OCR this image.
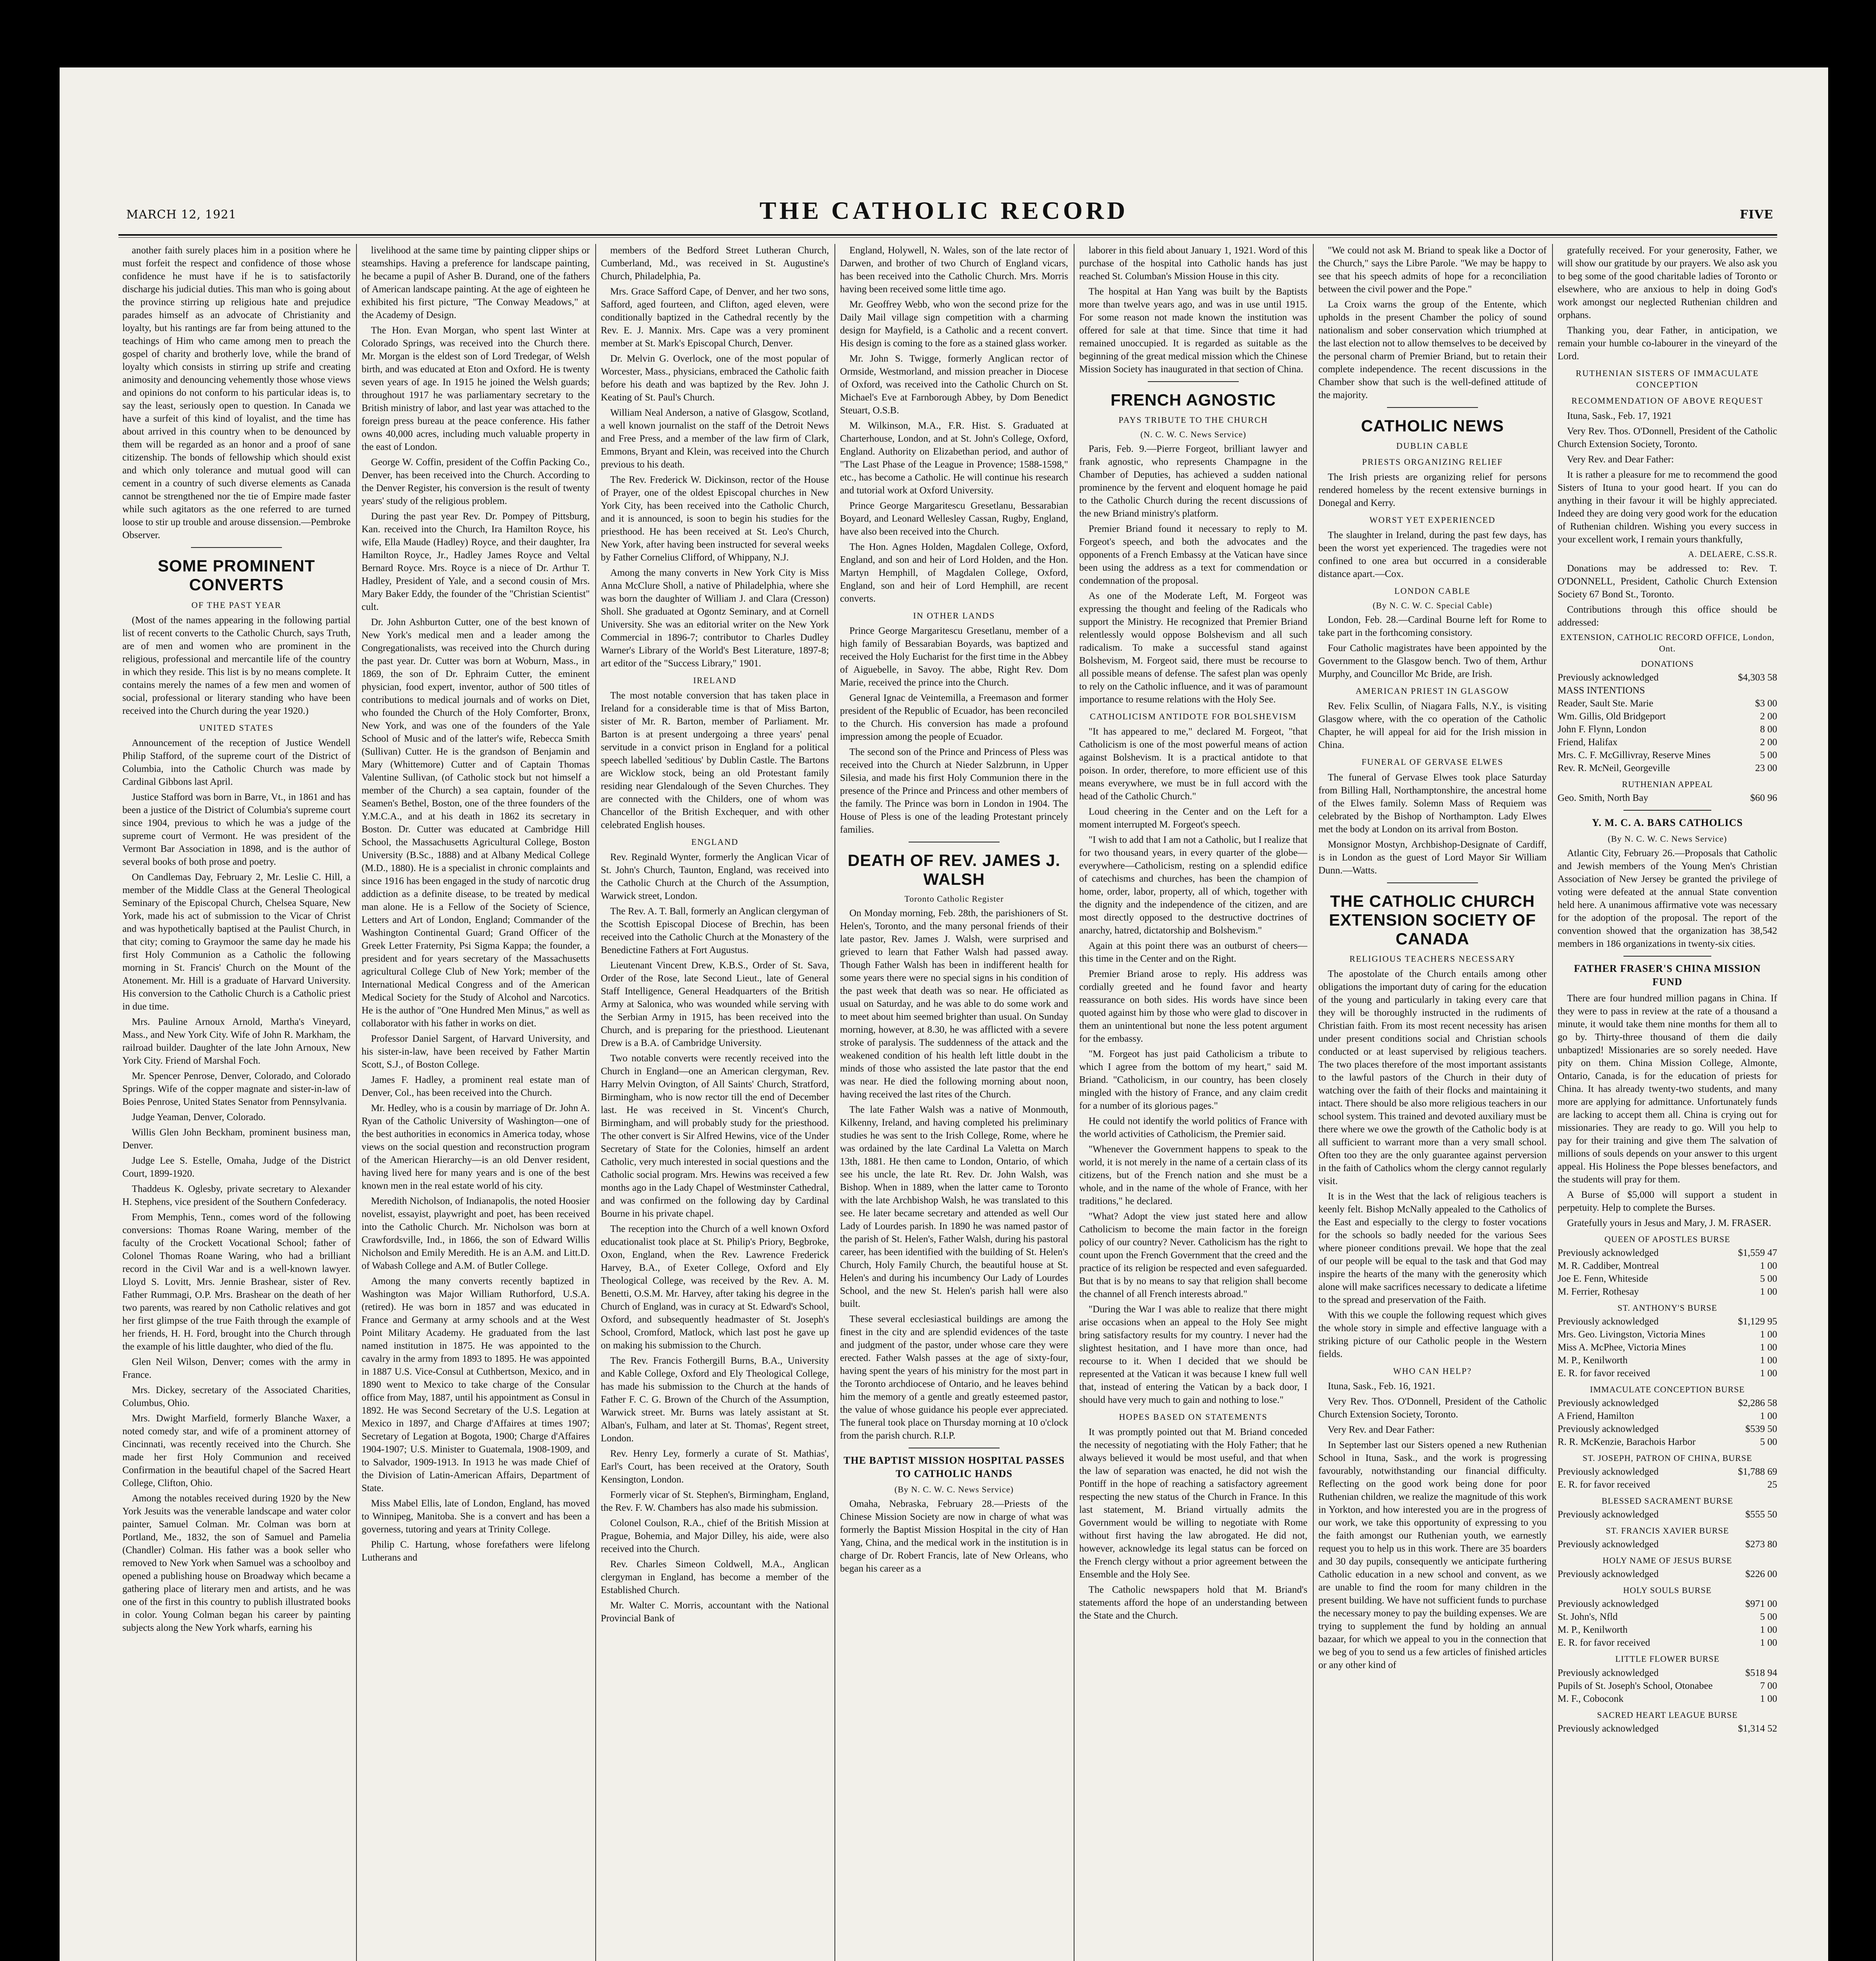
MARCH 12, 1921	THE CATHOLIC RECORD	FIVE

another faith surely places him in a position where he must forfeit the respect and confidence of those whose confidence he must have if he is to satisfactorily discharge his judicial duties. This man who is going about the province stirring up religious hate and prejudice parades himself as an advocate of Christianity and loyalty, but his rantings are far from being attuned to the teachings of Him who came among men to preach the gospel of charity and brotherly love, while the brand of loyalty which consists in stirring up strife and creating animosity and denouncing vehemently those whose views and opinions do not conform to his particular ideas is, to say the least, seriously open to question. In Canada we have a surfeit of this kind of loyalist, and the time has about arrived in this country when to be denounced by them will be regarded as an honor and a proof of sane citizenship. The bonds of fellowship which should exist and which only tolerance and mutual good will can cement in a country of such diverse elements as Canada cannot be strengthened nor the tie of Empire made faster while such agitators as the one referred to are turned loose to stir up trouble and arouse dissension.—Pembroke Observer.

SOME PROMINENT CONVERTS
OF THE PAST YEAR

(Most of the names appearing in the following partial list of recent converts to the Catholic Church, says Truth, are of men and women who are prominent in the religious, professional and mercantile life of the country in which they reside. This list is by no means complete. It contains merely the names of a few men and women of social, professional or literary standing who have been received into the Church during the year 1920.)

UNITED STATES

Announcement of the reception of Justice Wendell Philip Stafford, of the supreme court of the District of Columbia, into the Catholic Church was made by Cardinal Gibbons last April.

Justice Stafford was born in Barre, Vt., in 1861 and has been a justice of the District of Columbia's supreme court since 1904, previous to which he was a judge of the supreme court of Vermont. He was president of the Vermont Bar Association in 1898, and is the author of several books of both prose and poetry.

On Candlemas Day, February 2, Mr. Leslie C. Hill, a member of the Middle Class at the General Theological Seminary of the Episcopal Church, Chelsea Square, New York, made his act of submission to the Vicar of Christ and was hypothetically baptised at the Paulist Church, in that city; coming to Graymoor the same day he made his first Holy Communion as a Catholic the following morning in St. Francis' Church on the Mount of the Atonement. Mr. Hill is a graduate of Harvard University. His conversion to the Catholic Church is a Catholic priest in due time.

Mrs. Pauline Arnoux Arnold, Martha's Vineyard, Mass., and New York City. Wife of John R. Markham, the railroad builder. Daughter of the late John Arnoux, New York City. Friend of Marshal Foch.

Mr. Spencer Penrose, Denver, Colorado, and Colorado Springs. Wife of the copper magnate and sister-in-law of Boies Penrose, United States Senator from Pennsylvania.

Judge Yeaman, Denver, Colorado.

Willis Glen John Beckham, prominent business man, Denver.

Judge Lee S. Estelle, Omaha, Judge of the District Court, 1899-1920.

Thaddeus K. Oglesby, private secretary to Alexander H. Stephens, vice president of the Southern Confederacy.

From Memphis, Tenn., comes word of the following conversions: Thomas Roane Waring, member of the faculty of the Crockett Vocational School; father of Colonel Thomas Roane Waring, who had a brilliant record in the Civil War and is a well-known lawyer. Lloyd S. Lovitt, Mrs. Jennie Brashear, sister of Rev. Father Rummagi, O.P. Mrs. Brashear on the death of her two parents, was reared by non Catholic relatives and got her first glimpse of the true Faith through the example of her friends, H. H. Ford, brought into the Church through the example of his little daughter, who died of the flu.

Glen Neil Wilson, Denver; comes with the army in France.

Mrs. Dickey, secretary of the Associated Charities, Columbus, Ohio.

Mrs. Dwight Marfield, formerly Blanche Waxer, a noted comedy star, and wife of a prominent attorney of Cincinnati, was recently received into the Church. She made her first Holy Communion and received Confirmation in the beautiful chapel of the Sacred Heart College, Clifton, Ohio.

Among the notables received during 1920 by the New York Jesuits was the venerable landscape and water color painter, Samuel Colman. Mr. Colman was born at Portland, Me., 1832, the son of Samuel and Pamelia (Chandler) Colman. His father was a book seller who removed to New York when Samuel was a schoolboy and opened a publishing house on Broadway which became a gathering place of literary men and artists, and he was one of the first in this country to publish illustrated books in color. Young Colman began his career by painting subjects along the New York wharfs, earning his

livelihood at the same time by painting clipper ships or steamships. Having a preference for landscape painting, he became a pupil of Asher B. Durand, one of the fathers of American landscape painting. At the age of eighteen he exhibited his first picture, "The Conway Meadows," at the Academy of Design.

The Hon. Evan Morgan, who spent last Winter at Colorado Springs, was received into the Church there. Mr. Morgan is the eldest son of Lord Tredegar, of Welsh birth, and was educated at Eton and Oxford. He is twenty seven years of age. In 1915 he joined the Welsh guards; throughout 1917 he was parliamentary secretary to the British ministry of labor, and last year was attached to the foreign press bureau at the peace conference. His father owns 40,000 acres, including much valuable property in the east of London.

George W. Coffin, president of the Coffin Packing Co., Denver, has been received into the Church. According to the Denver Register, his conversion is the result of twenty years' study of the religious problem.

During the past year Rev. Dr. Pompey of Pittsburg, Kan. received into the Church, Ira Hamilton Royce, his wife, Ella Maude (Hadley) Royce, and their daughter, Ira Hamilton Royce, Jr., Hadley James Royce and Veltal Bernard Royce. Mrs. Royce is a niece of Dr. Arthur T. Hadley, President of Yale, and a second cousin of Mrs. Mary Baker Eddy, the founder of the "Christian Scientist" cult.

Dr. John Ashburton Cutter, one of the best known of New York's medical men and a leader among the Congregationalists, was received into the Church during the past year. Dr. Cutter was born at Woburn, Mass., in 1869, the son of Dr. Ephraim Cutter, the eminent physician, food expert, inventor, author of 500 titles of contributions to medical journals and of works on Diet, who founded the Church of the Holy Comforter, Bronx, New York, and was one of the founders of the Yale School of Music and of the latter's wife, Rebecca Smith (Sullivan) Cutter. He is the grandson of Benjamin and Mary (Whittemore) Cutter and of Captain Thomas Valentine Sullivan, (of Catholic stock but not himself a member of the Church) a sea captain, founder of the Seamen's Bethel, Boston, one of the three founders of the Y.M.C.A., and at his death in 1862 its secretary in Boston. Dr. Cutter was educated at Cambridge Hill School, the Massachusetts Agricultural College, Boston University (B.Sc., 1888) and at Albany Medical College (M.D., 1880). He is a specialist in chronic complaints and since 1916 has been engaged in the study of narcotic drug addiction as a definite disease, to be treated by medical man alone. He is a Fellow of the Society of Science, Letters and Art of London, England; Commander of the Washington Continental Guard; Grand Officer of the Greek Letter Fraternity, Psi Sigma Kappa; the founder, a president and for years secretary of the Massachusetts agricultural College Club of New York; member of the International Medical Congress and of the American Medical Society for the Study of Alcohol and Narcotics. He is the author of "One Hundred Men Minus," as well as collaborator with his father in works on diet.

Professor Daniel Sargent, of Harvard University, and his sister-in-law, have been received by Father Martin Scott, S.J., of Boston College.

James F. Hadley, a prominent real estate man of Denver, Col., has been received into the Church.

Mr. Hedley, who is a cousin by marriage of Dr. John A. Ryan of the Catholic University of Washington—one of the best authorities in economics in America today, whose views on the social question and reconstruction program of the American Hierarchy—is an old Denver resident, having lived here for many years and is one of the best known men in the real estate world of his city.

Meredith Nicholson, of Indianapolis, the noted Hoosier novelist, essayist, playwright and poet, has been received into the Catholic Church. Mr. Nicholson was born at Crawfordsville, Ind., in 1866, the son of Edward Willis Nicholson and Emily Meredith. He is an A.M. and Litt.D. of Wabash College and A.M. of Butler College.

Among the many converts recently baptized in Washington was Major William Ruthorford, U.S.A. (retired). He was born in 1857 and was educated in France and Germany at army schools and at the West Point Military Academy. He graduated from the last named institution in 1875. He was appointed to the cavalry in the army from 1893 to 1895. He was appointed in 1887 U.S. Vice-Consul at Cuthbertson, Mexico, and in 1890 went to Mexico to take charge of the Consular office from May, 1887, until his appointment as Consul in 1892. He was Second Secretary of the U.S. Legation at Mexico in 1897, and Charge d'Affaires at times 1907; Secretary of Legation at Bogota, 1900; Charge d'Affaires 1904-1907; U.S. Minister to Guatemala, 1908-1909, and to Salvador, 1909-1913. In 1913 he was made Chief of the Division of Latin-American Affairs, Department of State.

Miss Mabel Ellis, late of London, England, has moved to Winnipeg, Manitoba. She is a convert and has been a governess, tutoring and years at Trinity College.

Philip C. Hartung, whose forefathers were lifelong Lutherans and

members of the Bedford Street Lutheran Church, Cumberland, Md., was received in St. Augustine's Church, Philadelphia, Pa.

Mrs. Grace Safford Cape, of Denver, and her two sons, Safford, aged fourteen, and Clifton, aged eleven, were conditionally baptized in the Cathedral recently by the Rev. E. J. Mannix. Mrs. Cape was a very prominent member at St. Mark's Episcopal Church, Denver.

Dr. Melvin G. Overlock, one of the most popular of Worcester, Mass., physicians, embraced the Catholic faith before his death and was baptized by the Rev. John J. Keating of St. Paul's Church.

William Neal Anderson, a native of Glasgow, Scotland, a well known journalist on the staff of the Detroit News and Free Press, and a member of the law firm of Clark, Emmons, Bryant and Klein, was received into the Church previous to his death.

The Rev. Frederick W. Dickinson, rector of the House of Prayer, one of the oldest Episcopal churches in New York City, has been received into the Catholic Church, and it is announced, is soon to begin his studies for the priesthood. He has been received at St. Leo's Church, New York, after having been instructed for several weeks by Father Cornelius Clifford, of Whippany, N.J.

Among the many converts in New York City is Miss Anna McClure Sholl, a native of Philadelphia, where she was born the daughter of William J. and Clara (Cresson) Sholl. She graduated at Ogontz Seminary, and at Cornell University. She was an editorial writer on the New York Commercial in 1896-7; contributor to Charles Dudley Warner's Library of the World's Best Literature, 1897-8; art editor of the "Success Library," 1901.

IRELAND

The most notable conversion that has taken place in Ireland for a considerable time is that of Miss Barton, sister of Mr. R. Barton, member of Parliament. Mr. Barton is at present undergoing a three years' penal servitude in a convict prison in England for a political speech labelled 'seditious' by Dublin Castle. The Bartons are Wicklow stock, being an old Protestant family residing near Glendalough of the Seven Churches. They are connected with the Childers, one of whom was Chancellor of the British Exchequer, and with other celebrated English houses.

ENGLAND

Rev. Reginald Wynter, formerly the Anglican Vicar of St. John's Church, Taunton, England, was received into the Catholic Church at the Church of the Assumption, Warwick street, London.

The Rev. A. T. Ball, formerly an Anglican clergyman of the Scottish Episcopal Diocese of Brechin, has been received into the Catholic Church at the Monastery of the Benedictine Fathers at Fort Augustus.

Lieutenant Vincent Drew, K.B.S., Order of St. Sava, Order of the Rose, late Second Lieut., late of General Staff Intelligence, General Headquarters of the British Army at Salonica, who was wounded while serving with the Serbian Army in 1915, has been received into the Church, and is preparing for the priesthood. Lieutenant Drew is a B.A. of Cambridge University.

Two notable converts were recently received into the Church in England—one an American clergyman, Rev. Harry Melvin Ovington, of All Saints' Church, Stratford, Birmingham, who is now rector till the end of December last. He was received in St. Vincent's Church, Birmingham, and will probably study for the priesthood. The other convert is Sir Alfred Hewins, vice of the Under Secretary of State for the Colonies, himself an ardent Catholic, very much interested in social questions and the Catholic social program. Mrs. Hewins was received a few months ago in the Lady Chapel of Westminster Cathedral, and was confirmed on the following day by Cardinal Bourne in his private chapel.

The reception into the Church of a well known Oxford educationalist took place at St. Philip's Priory, Begbroke, Oxon, England, when the Rev. Lawrence Frederick Harvey, B.A., of Exeter College, Oxford and Ely Theological College, was received by the Rev. A. M. Benetti, O.S.M. Mr. Harvey, after taking his degree in the Church of England, was in curacy at St. Edward's School, Oxford, and subsequently headmaster of St. Joseph's School, Cromford, Matlock, which last post he gave up on making his submission to the Church.

The Rev. Francis Fothergill Burns, B.A., University and Kable College, Oxford and Ely Theological College, has made his submission to the Church at the hands of Father F. C. G. Brown of the Church of the Assumption, Warwick street. Mr. Burns was lately assistant at St. Alban's, Fulham, and later at St. Thomas', Regent street, London.

Rev. Henry Ley, formerly a curate of St. Mathias', Earl's Court, has been received at the Oratory, South Kensington, London.

Formerly vicar of St. Stephen's, Birmingham, England, the Rev. F. W. Chambers has also made his submission.

Colonel Coulson, R.A., chief of the British Mission at Prague, Bohemia, and Major Dilley, his aide, were also received into the Church.

Rev. Charles Simeon Coldwell, M.A., Anglican clergyman in England, has become a member of the Established Church.

Mr. Walter C. Morris, accountant with the National Provincial Bank of

England, Holywell, N. Wales, son of the late rector of Darwen, and brother of two Church of England vicars, has been received into the Catholic Church. Mrs. Morris having been received some little time ago.

Mr. Geoffrey Webb, who won the second prize for the Daily Mail village sign competition with a charming design for Mayfield, is a Catholic and a recent convert. His design is coming to the fore as a stained glass worker.

Mr. John S. Twigge, formerly Anglican rector of Ormside, Westmorland, and mission preacher in Diocese of Oxford, was received into the Catholic Church on St. Michael's Eve at Farnborough Abbey, by Dom Benedict Steuart, O.S.B.

M. Wilkinson, M.A., F.R. Hist. S. Graduated at Charterhouse, London, and at St. John's College, Oxford, England. Authority on Elizabethan period, and author of "The Last Phase of the League in Provence; 1588-1598," etc., has become a Catholic. He will continue his research and tutorial work at Oxford University.

Prince George Margaritescu Gresetlanu, Bessarabian Boyard, and Leonard Wellesley Cassan, Rugby, England, have also been received into the Church.

The Hon. Agnes Holden, Magdalen College, Oxford, England, and son and heir of Lord Holden, and the Hon. Martyn Hemphill, of Magdalen College, Oxford, England, son and heir of Lord Hemphill, are recent converts.

IN OTHER LANDS

Prince George Margaritescu Gresetlanu, member of a high family of Bessarabian Boyards, was baptized and received the Holy Eucharist for the first time in the Abbey of Aiguebelle, in Savoy. The abbe, Right Rev. Dom Marie, received the prince into the Church.

General Ignac de Veintemilla, a Freemason and former president of the Republic of Ecuador, has been reconciled to the Church. His conversion has made a profound impression among the people of Ecuador.

The second son of the Prince and Princess of Pless was received into the Church at Nieder Salzbrunn, in Upper Silesia, and made his first Holy Communion there in the presence of the Prince and Princess and other members of the family. The Prince was born in London in 1904. The House of Pless is one of the leading Protestant princely families.

DEATH OF REV. JAMES J. WALSH
Toronto Catholic Register

On Monday morning, Feb. 28th, the parishioners of St. Helen's, Toronto, and the many personal friends of their late pastor, Rev. James J. Walsh, were surprised and grieved to learn that Father Walsh had passed away. Though Father Walsh has been in indifferent health for some years there were no special signs in his condition of the past week that death was so near. He officiated as usual on Saturday, and he was able to do some work and to meet about him seemed brighter than usual. On Sunday morning, however, at 8.30, he was afflicted with a severe stroke of paralysis. The suddenness of the attack and the weakened condition of his health left little doubt in the minds of those who assisted the late pastor that the end was near. He died the following morning about noon, having received the last rites of the Church.

The late Father Walsh was a native of Monmouth, Kilkenny, Ireland, and having completed his preliminary studies he was sent to the Irish College, Rome, where he was ordained by the late Cardinal La Valetta on March 13th, 1881. He then came to London, Ontario, of which see his uncle, the late Rt. Rev. Dr. John Walsh, was Bishop. When in 1889, when the latter came to Toronto with the late Archbishop Walsh, he was translated to this see. He later became secretary and attended as well Our Lady of Lourdes parish. In 1890 he was named pastor of the parish of St. Helen's, Father Walsh, during his pastoral career, has been identified with the building of St. Helen's Church, Holy Family Church, the beautiful house at St. Helen's and during his incumbency Our Lady of Lourdes School, and the new St. Helen's parish hall were also built.

These several ecclesiastical buildings are among the finest in the city and are splendid evidences of the taste and judgment of the pastor, under whose care they were erected. Father Walsh passes at the age of sixty-four, having spent the years of his ministry for the most part in the Toronto archdiocese of Ontario, and he leaves behind him the memory of a gentle and greatly esteemed pastor, the value of whose guidance his people ever appreciated. The funeral took place on Thursday morning at 10 o'clock from the parish church. R.I.P.

THE BAPTIST MISSION HOSPITAL PASSES TO CATHOLIC HANDS
(By N. C. W. C. News Service)

Omaha, Nebraska, February 28.—Priests of the Chinese Mission Society are now in charge of what was formerly the Baptist Mission Hospital in the city of Han Yang, China, and the medical work in the institution is in charge of Dr. Robert Francis, late of New Orleans, who began his career as a

laborer in this field about January 1, 1921. Word of this purchase of the hospital into Catholic hands has just reached St. Columban's Mission House in this city.

The hospital at Han Yang was built by the Baptists more than twelve years ago, and was in use until 1915. For some reason not made known the institution was offered for sale at that time. Since that time it had remained unoccupied. It is regarded as suitable as the beginning of the great medical mission which the Chinese Mission Society has inaugurated in that section of China.

FRENCH AGNOSTIC
PAYS TRIBUTE TO THE CHURCH
(N. C. W. C. News Service)

Paris, Feb. 9.—Pierre Forgeot, brilliant lawyer and frank agnostic, who represents Champagne in the Chamber of Deputies, has achieved a sudden national prominence by the fervent and eloquent homage he paid to the Catholic Church during the recent discussions of the new Briand ministry's platform.

Premier Briand found it necessary to reply to M. Forgeot's speech, and both the advocates and the opponents of a French Embassy at the Vatican have since been using the address as a text for commendation or condemnation of the proposal.

As one of the Moderate Left, M. Forgeot was expressing the thought and feeling of the Radicals who support the Ministry. He recognized that Premier Briand relentlessly would oppose Bolshevism and all such radicalism. To make a successful stand against Bolshevism, M. Forgeot said, there must be recourse to all possible means of defense. The safest plan was openly to rely on the Catholic influence, and it was of paramount importance to resume relations with the Holy See.

CATHOLICISM ANTIDOTE FOR BOLSHEVISM

"It has appeared to me," declared M. Forgeot, "that Catholicism is one of the most powerful means of action against Bolshevism. It is a practical antidote to that poison. In order, therefore, to more efficient use of this means everywhere, we must be in full accord with the head of the Catholic Church."

Loud cheering in the Center and on the Left for a moment interrupted M. Forgeot's speech.

"I wish to add that I am not a Catholic, but I realize that for two thousand years, in every quarter of the globe—everywhere—Catholicism, resting on a splendid edifice of catechisms and churches, has been the champion of home, order, labor, property, all of which, together with the dignity and the independence of the citizen, and are most directly opposed to the destructive doctrines of anarchy, hatred, dictatorship and Bolshevism."

Again at this point there was an outburst of cheers—this time in the Center and on the Right.

Premier Briand arose to reply. His address was cordially greeted and he found favor and hearty reassurance on both sides. His words have since been quoted against him by those who were glad to discover in them an unintentional but none the less potent argument for the embassy.

"M. Forgeot has just paid Catholicism a tribute to which I agree from the bottom of my heart," said M. Briand. "Catholicism, in our country, has been closely mingled with the history of France, and any claim credit for a number of its glorious pages."

He could not identify the world politics of France with the world activities of Catholicism, the Premier said.

"Whenever the Government happens to speak to the world, it is not merely in the name of a certain class of its citizens, but of the French nation and she must be a whole, and in the name of the whole of France, with her traditions," he declared.

"What? Adopt the view just stated here and allow Catholicism to become the main factor in the foreign policy of our country? Never. Catholicism has the right to count upon the French Government that the creed and the practice of its religion be respected and even safeguarded. But that is by no means to say that religion shall become the channel of all French interests abroad."

"During the War I was able to realize that there might arise occasions when an appeal to the Holy See might bring satisfactory results for my country. I never had the slightest hesitation, and I have more than once, had recourse to it. When I decided that we should be represented at the Vatican it was because I knew full well that, instead of entering the Vatican by a back door, I should have very much to gain and nothing to lose."

HOPES BASED ON STATEMENTS

It was promptly pointed out that M. Briand conceded the necessity of negotiating with the Holy Father; that he always believed it would be most useful, and that when the law of separation was enacted, he did not wish the Pontiff in the hope of reaching a satisfactory agreement respecting the new status of the Church in France. In this last statement, M. Briand virtually admits the Government would be willing to negotiate with Rome without first having the law abrogated. He did not, however, acknowledge its legal status can be forced on the French clergy without a prior agreement between the Ensemble and the Holy See.

The Catholic newspapers hold that M. Briand's statements afford the hope of an understanding between the State and the Church.

"We could not ask M. Briand to speak like a Doctor of the Church," says the Libre Parole. "We may be happy to see that his speech admits of hope for a reconciliation between the civil power and the Pope."

La Croix warns the group of the Entente, which upholds in the present Chamber the policy of sound nationalism and sober conservation which triumphed at the last election not to allow themselves to be deceived by the personal charm of Premier Briand, but to retain their complete independence. The recent discussions in the Chamber show that such is the well-defined attitude of the majority.

CATHOLIC NEWS
DUBLIN CABLE
PRIESTS ORGANIZING RELIEF

The Irish priests are organizing relief for persons rendered homeless by the recent extensive burnings in Donegal and Kerry.

WORST YET EXPERIENCED

The slaughter in Ireland, during the past few days, has been the worst yet experienced. The tragedies were not confined to one area but occurred in a considerable distance apart.—Cox.

LONDON CABLE
(By N. C. W. C. Special Cable)

London, Feb. 28.—Cardinal Bourne left for Rome to take part in the forthcoming consistory.

Four Catholic magistrates have been appointed by the Government to the Glasgow bench. Two of them, Arthur Murphy, and Councillor Mc Bride, are Irish.

AMERICAN PRIEST IN GLASGOW

Rev. Felix Scullin, of Niagara Falls, N.Y., is visiting Glasgow where, with the co operation of the Catholic Chapter, he will appeal for aid for the Irish mission in China.

FUNERAL OF GERVASE ELWES

The funeral of Gervase Elwes took place Saturday from Billing Hall, Northamptonshire, the ancestral home of the Elwes family. Solemn Mass of Requiem was celebrated by the Bishop of Northampton. Lady Elwes met the body at London on its arrival from Boston.

Monsignor Mostyn, Archbishop-Designate of Cardiff, is in London as the guest of Lord Mayor Sir William Dunn.—Watts.

THE CATHOLIC CHURCH EXTENSION SOCIETY OF CANADA
RELIGIOUS TEACHERS NECESSARY

The apostolate of the Church entails among other obligations the important duty of caring for the education of the young and particularly in taking every care that they will be thoroughly instructed in the rudiments of Christian faith. From its most recent necessity has arisen under present conditions social and Christian schools conducted or at least supervised by religious teachers. The two places therefore of the most important assistants to the lawful pastors of the Church in their duty of watching over the faith of their flocks and maintaining it intact. There should be also more religious teachers in our school system. This trained and devoted auxiliary must be there where we owe the growth of the Catholic body is at all sufficient to warrant more than a very small school. Often too they are the only guarantee against perversion in the faith of Catholics whom the clergy cannot regularly visit.

It is in the West that the lack of religious teachers is keenly felt. Bishop McNally appealed to the Catholics of the East and especially to the clergy to foster vocations for the schools so badly needed for the various Sees where pioneer conditions prevail. We hope that the zeal of our people will be equal to the task and that God may inspire the hearts of the many with the generosity which alone will make sacrifices necessary to dedicate a lifetime to the spread and preservation of the Faith.

With this we couple the following request which gives the whole story in simple and effective language with a striking picture of our Catholic people in the Western fields.

WHO CAN HELP?

Ituna, Sask., Feb. 16, 1921.

Very Rev. Thos. O'Donnell, President of the Catholic Church Extension Society, Toronto.

Very Rev. and Dear Father:

In September last our Sisters opened a new Ruthenian School in Ituna, Sask., and the work is progressing favourably, notwithstanding our financial difficulty. Reflecting on the good work being done for poor Ruthenian children, we realize the magnitude of this work in Yorkton, and how interested you are in the progress of our work, we take this opportunity of expressing to you the faith amongst our Ruthenian youth, we earnestly request you to help us in this work. There are 35 boarders and 30 day pupils, consequently we anticipate furthering Catholic education in a new school and convent, as we are unable to find the room for many children in the present building. We have not sufficient funds to purchase the necessary money to pay the building expenses. We are trying to supplement the fund by holding an annual bazaar, for which we appeal to you in the connection that we beg of you to send us a few articles of finished articles or any other kind of

gratefully received. For your generosity, Father, we will show our gratitude by our prayers. We also ask you to beg some of the good charitable ladies of Toronto or elsewhere, who are anxious to help in doing God's work amongst our neglected Ruthenian children and orphans.

Thanking you, dear Father, in anticipation, we remain your humble co-labourer in the vineyard of the Lord.

RUTHENIAN SISTERS OF IMMACULATE CONCEPTION
RECOMMENDATION OF ABOVE REQUEST

Ituna, Sask., Feb. 17, 1921

Very Rev. Thos. O'Donnell, President of the Catholic Church Extension Society, Toronto.

Very Rev. and Dear Father:

It is rather a pleasure for me to recommend the good Sisters of Ituna to your good heart. If you can do anything in their favour it will be highly appreciated. Indeed they are doing very good work for the education of Ruthenian children. Wishing you every success in your excellent work, I remain yours thankfully,

A. DELAERE, C.SS.R.

Donations may be addressed to: Rev. T. O'DONNELL, President, Catholic Church Extension Society 67 Bond St., Toronto.

Contributions through this office should be addressed:

EXTENSION, CATHOLIC RECORD OFFICE, London, Ont.
DONATIONS
Previously acknowledged	$4,303 58
MASS INTENTIONS
Reader, Sault Ste. Marie	$3 00
Wm. Gillis, Old Bridgeport	2 00
John F. Flynn, London	8 00
Friend, Halifax	2 00
Mrs. C. F. McGillivray, Reserve Mines	5 00
Rev. R. McNeil, Georgeville	23 00
RUTHENIAN APPEAL
Geo. Smith, North Bay	$60 96
Y. M. C. A. BARS CATHOLICS
(By N. C. W. C. News Service)

Atlantic City, February 26.—Proposals that Catholic and Jewish members of the Young Men's Christian Association of New Jersey be granted the privilege of voting were defeated at the annual State convention held here. A unanimous affirmative vote was necessary for the adoption of the proposal. The report of the convention showed that the organization has 38,542 members in 186 organizations in twenty-six cities.

FATHER FRASER'S CHINA MISSION FUND

There are four hundred million pagans in China. If they were to pass in review at the rate of a thousand a minute, it would take them nine months for them all to go by. Thirty-three thousand of them die daily unbaptized! Missionaries are so sorely needed. Have pity on them. China Mission College, Almonte, Ontario, Canada, is for the education of priests for China. It has already twenty-two students, and many more are applying for admittance. Unfortunately funds are lacking to accept them all. China is crying out for missionaries. They are ready to go. Will you help to pay for their training and give them The salvation of millions of souls depends on your answer to this urgent appeal. His Holiness the Pope blesses benefactors, and the students will pray for them.

A Burse of $5,000 will support a student in perpetuity. Help to complete the Burses.

Gratefully yours in Jesus and Mary, J. M. FRASER.

QUEEN OF APOSTLES BURSE
Previously acknowledged	$1,559 47
M. R. Caddiber, Montreal	1 00
Joe E. Fenn, Whiteside	5 00
M. Ferrier, Rothesay	1 00
ST. ANTHONY'S BURSE
Previously acknowledged	$1,129 95
Mrs. Geo. Livingston, Victoria Mines	1 00
Miss A. McPhee, Victoria Mines	1 00
M. P., Kenilworth	1 00
E. R. for favor received	1 00
IMMACULATE CONCEPTION BURSE
Previously acknowledged	$2,286 58
A Friend, Hamilton	1 00
Previously acknowledged	$539 50
R. R. McKenzie, Barachois Harbor	5 00
ST. JOSEPH, PATRON OF CHINA, BURSE
Previously acknowledged	$1,788 69
E. R. for favor received	25
BLESSED SACRAMENT BURSE
Previously acknowledged	$555 50
ST. FRANCIS XAVIER BURSE
Previously acknowledged	$273 80
HOLY NAME OF JESUS BURSE
Previously acknowledged	$226 00
HOLY SOULS BURSE
Previously acknowledged	$971 00
St. John's, Nfld	5 00
M. P., Kenilworth	1 00
E. R. for favor received	1 00
LITTLE FLOWER BURSE
Previously acknowledged	$518 94
Pupils of St. Joseph's School, Otonabee	7 00
M. F., Coboconk	1 00
SACRED HEART LEAGUE BURSE
Previously acknowledged	$1,314 52
